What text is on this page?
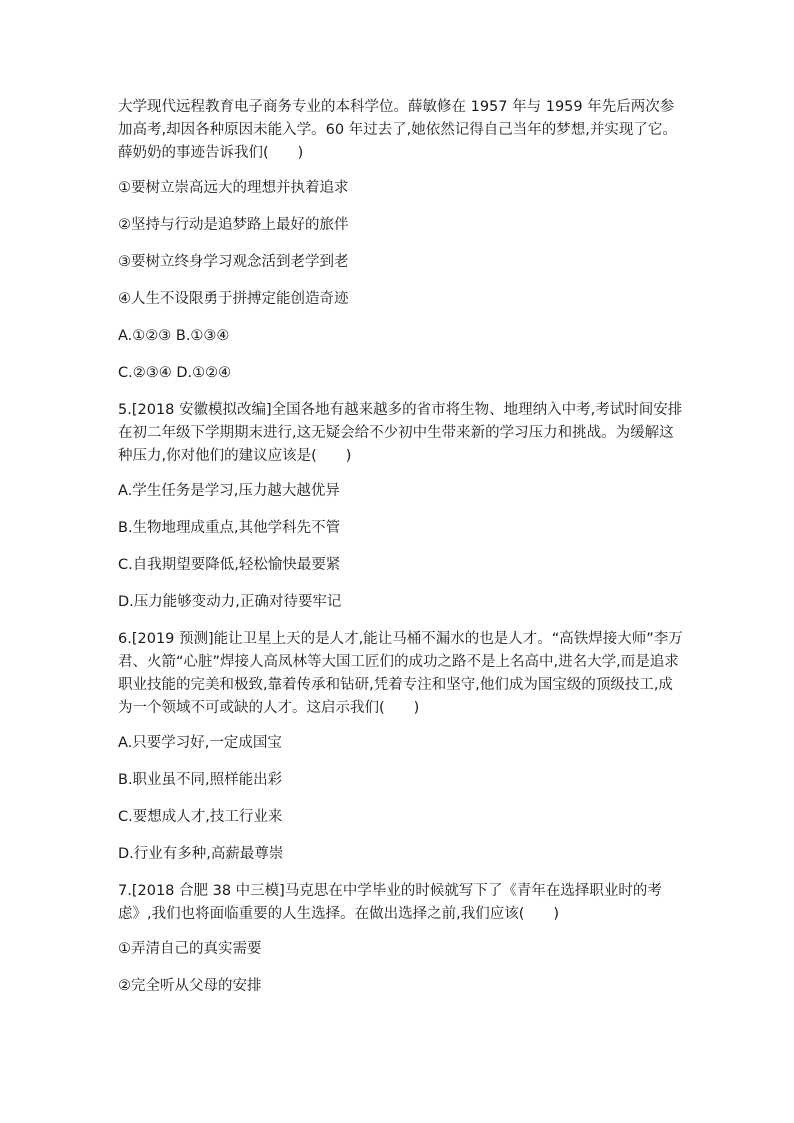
大学现代远程教育电子商务专业的本科学位。薛敏修在 1957 年与 1959 年先后两次参加高考,却因各种原因未能入学。60 年过去了,她依然记得自己当年的梦想,并实现了它。薛奶奶的事迹告诉我们(　　)

①要树立崇高远大的理想并执着追求

②坚持与行动是追梦路上最好的旅伴

③要树立终身学习观念活到老学到老

④人生不设限勇于拼搏定能创造奇迹

A.①②③ B.①③④

C.②③④ D.①②④

5.[2018 安徽模拟改编]全国各地有越来越多的省市将生物、地理纳入中考,考试时间安排在初二年级下学期期末进行,这无疑会给不少初中生带来新的学习压力和挑战。为缓解这种压力,你对他们的建议应该是(　　)

A.学生任务是学习,压力越大越优异

B.生物地理成重点,其他学科先不管

C.自我期望要降低,轻松愉快最要紧

D.压力能够变动力,正确对待要牢记

6.[2019 预测]能让卫星上天的是人才,能让马桶不漏水的也是人才。“高铁焊接大师”李万君、火箭“心脏”焊接人高凤林等大国工匠们的成功之路不是上名高中,进名大学,而是追求职业技能的完美和极致,靠着传承和钻研,凭着专注和坚守,他们成为国宝级的顶级技工,成为一个领域不可或缺的人才。这启示我们(　　)

A.只要学习好,一定成国宝

B.职业虽不同,照样能出彩

C.要想成人才,技工行业来

D.行业有多种,高薪最尊崇

7.[2018 合肥 38 中三模]马克思在中学毕业的时候就写下了《青年在选择职业时的考虑》,我们也将面临重要的人生选择。在做出选择之前,我们应该(　　)

①弄清自己的真实需要

②完全听从父母的安排
